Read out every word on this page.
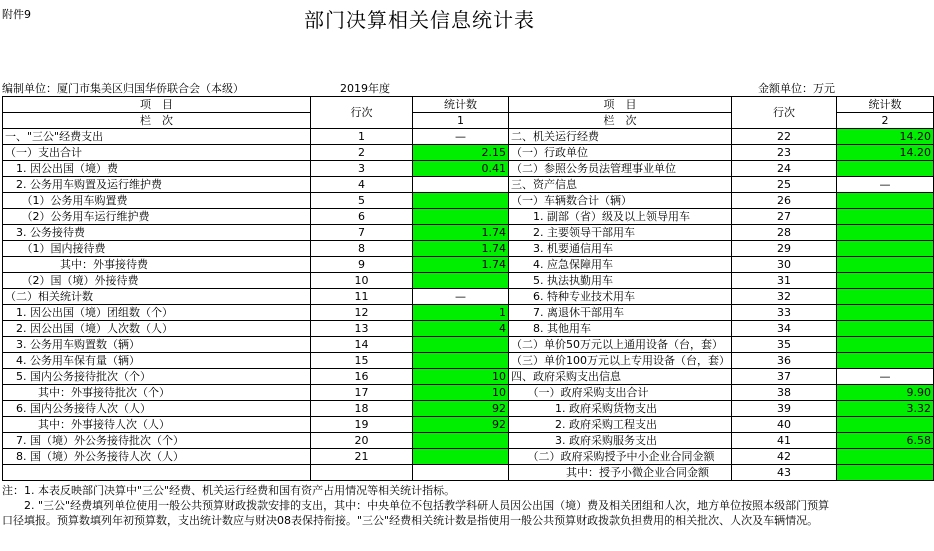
附件9	部门决算相关信息统计表
编制单位：厦门市集美区归国华侨联合会（本级）	2019年度	金额单位：万元
项　目	行次	统计数	项　目	行次	统计数
栏　次		1	栏　次		2
一、"三公"经费支出	1	—	二、机关运行经费	22	14.20
（一）支出合计	2	2.15	（一）行政单位	23	14.20
　1. 因公出国（境）费	3	0.41	（二）参照公务员法管理事业单位	24	
　2. 公务用车购置及运行维护费	4		三、资产信息	25	—
　　（1）公务用车购置费	5		（一）车辆数合计（辆）	26	
　　（2）公务用车运行维护费	6		　　1. 副部（省）级及以上领导用车	27	
　3. 公务接待费	7	1.74	　　2. 主要领导干部用车	28	
　　（1）国内接待费	8	1.74	　　3. 机要通信用车	29	
　　　　　其中：外事接待费	9	1.74	　　4. 应急保障用车	30	
　　（2）国（境）外接待费	10		　　5. 执法执勤用车	31	
（二）相关统计数	11	—	　　6. 特种专业技术用车	32	
　1. 因公出国（境）团组数（个）	12	1	　　7. 离退休干部用车	33	
　2. 因公出国（境）人次数（人）	13	4	　　8. 其他用车	34	
　3. 公务用车购置数（辆）	14		（二）单价50万元以上通用设备（台，套）	35	
　4. 公务用车保有量（辆）	15		（三）单价100万元以上专用设备（台，套）	36	
　5. 国内公务接待批次（个）	16	10	四、政府采购支出信息	37	—
　　　其中：外事接待批次（个）	17	10	　　（一）政府采购支出合计	38	9.90
　6. 国内公务接待人次（人）	18	92	　　　　1. 政府采购货物支出	39	3.32
　　　其中：外事接待人次（人）	19	92	　　　　2. 政府采购工程支出	40	
　7. 国（境）外公务接待批次（个）	20		　　　　3. 政府采购服务支出	41	6.58
　8. 国（境）外公务接待人次（人）	21		　　（二）政府采购授予中小企业合同金额	42	
			　　　　　其中：授予小微企业合同金额	43	

注：1. 本表反映部门决算中"三公"经费、机关运行经费和国有资产占用情况等相关统计指标。

　　2. "三公"经费填列单位使用一般公共预算财政拨款安排的支出，其中：中央单位不包括教学科研人员因公出国（境）费及相关团组和人次，地方单位按照本级部门预算口径填报。预算数填列年初预算数，支出统计数应与财决08表保持衔接。"三公"经费相关统计数是指使用一般公共预算财政拨款负担费用的相关批次、人次及车辆情况。
